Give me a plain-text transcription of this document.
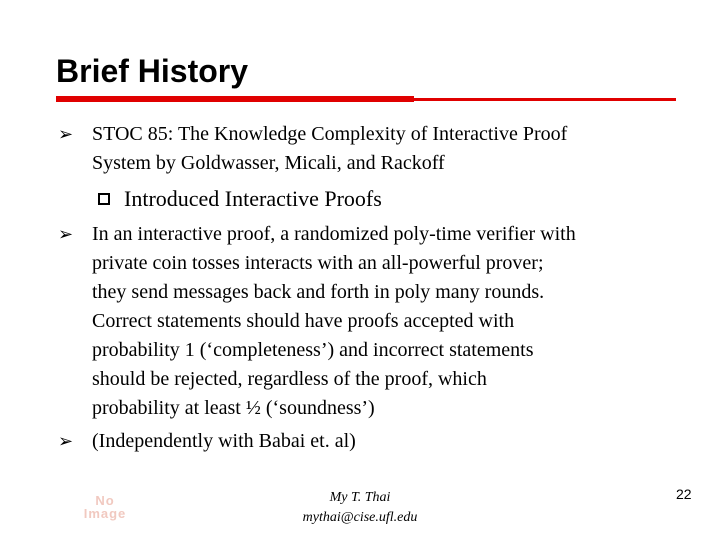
Brief History
➢ STOC 85: The Knowledge Complexity of Interactive Proof
System by Goldwasser, Micali, and Rackoff
Introduced Interactive Proofs
➢ In an interactive proof, a randomized poly-time verifier with
private coin tosses interacts with an all-powerful prover;
they send messages back and forth in poly many rounds.
Correct statements should have proofs accepted with
probability 1 (‘completeness’) and incorrect statements
should be rejected, regardless of the proof, which
probability at least ½ (‘soundness’)
➢ (Independently with Babai et. al)
No
Image
My T. Thai
mythai@cise.ufl.edu
22
